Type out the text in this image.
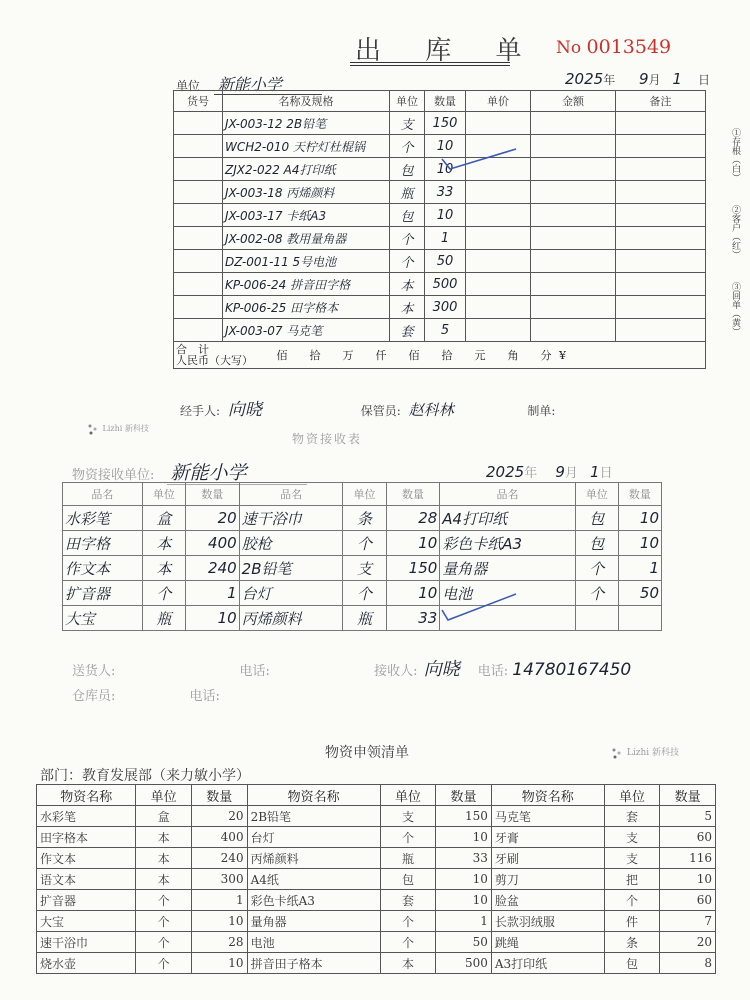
出 库 单 No 0013549
单位 新能小学	2025年 9月 1 日
货号	名称及规格	单位	数量	单价	金额	备注
	JX-003-12 2B铅笔	支	150			
	WCH2-010 天柠灯杜棍锅	个	10			
	ZJX2-022 A4打印纸	包	10			
	JX-003-18 丙烯颜料	瓶	33			
	JX-003-17 卡纸A3	包	10			
	JX-002-08 教用量角器	个	1			
	DZ-001-11 5号电池	个	50			
	KP-006-24 拼音田字格	本	500			
	KP-006-25 田字格本	本	300			
	JX-003-07 马克笔	套	5			
合　计
人民币（大写） 佰　　拾　　万　　仟　　佰　　拾　　元　　角　　分 ¥						
①存根（白）
②客户（红）
③回单（黄）
经手人: 向晓	保管员: 赵科林	制单:
Lizhi 新科技
物资接收表
物资接收单位: 新能小学	2025年 9月 1日
品名	单位	数量	品名	单位	数量	品名	单位	数量
水彩笔	盒	20	速干浴巾	条	28	A4打印纸	包	10
田字格	本	400	胶枪	个	10	彩色卡纸A3	包	10
作文本	本	240	2B铅笔	支	150	量角器	个	1
扩音器	个	1	台灯	个	10	电池	个	50
大宝	瓶	10	丙烯颜料	瓶	33			
送货人:	电话:	接收人: 向晓 电话: 14780167450
仓库员:	电话:
物资申领清单	Lizhi 新科技
部门：教育发展部（来力敏小学）
物资名称	单位	数量	物资名称	单位	数量	物资名称	单位	数量
水彩笔	盒	20	2B铅笔	支	150	马克笔	套	5
田字格本	本	400	台灯	个	10	牙膏	支	60
作文本	本	240	丙烯颜料	瓶	33	牙刷	支	116
语文本	本	300	A4纸	包	10	剪刀	把	10
扩音器	个	1	彩色卡纸A3	套	10	脸盆	个	60
大宝	个	10	量角器	个	1	长款羽绒服	件	7
速干浴巾	个	28	电池	个	50	跳绳	条	20
烧水壶	个	10	拼音田子格本	本	500	A3打印纸	包	8
